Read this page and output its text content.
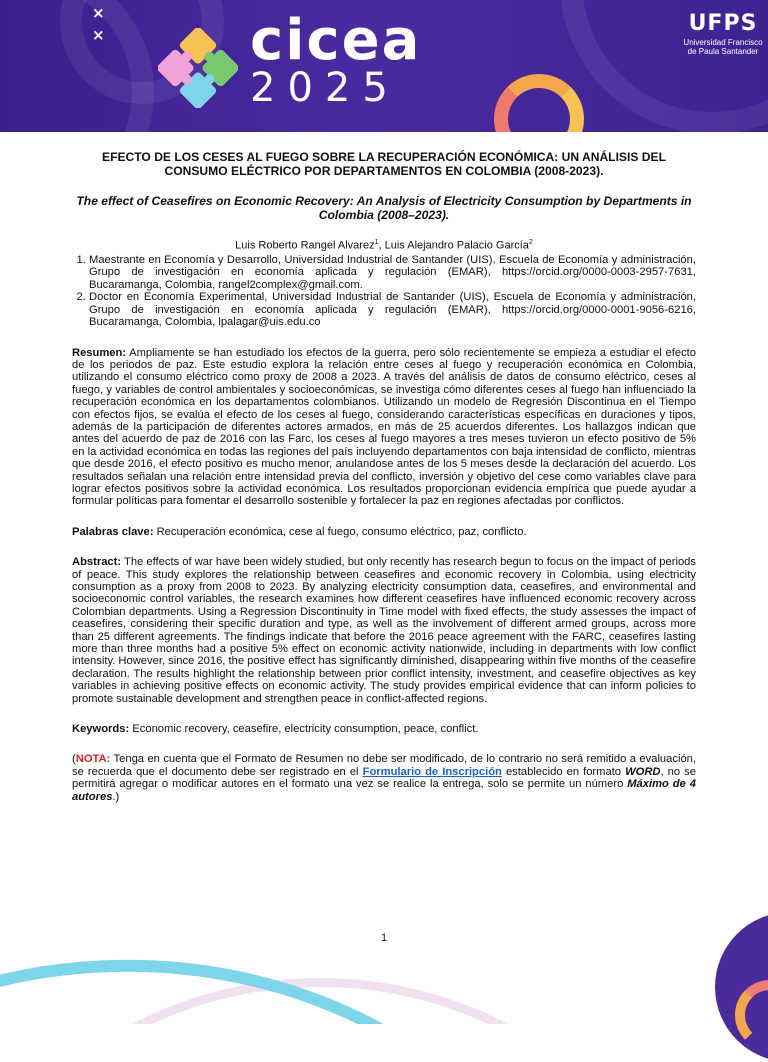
×
×	cicea
2025
UFPS
Universidad Francisco de Paula Santander

EFECTO DE LOS CESES AL FUEGO SOBRE LA RECUPERACIÓN ECONÓMICA: UN ANÁLISIS DEL CONSUMO ELÉCTRICO POR DEPARTAMENTOS EN COLOMBIA (2008-2023).

The effect of Ceasefires on Economic Recovery: An Analysis of Electricity Consumption by Departments in Colombia (2008–2023).

Luis Roberto Rangel Alvarez$^1$, Luis Alejandro Palacio García$^2$

1. Maestrante en Economía y Desarrollo, Universidad Industrial de Santander (UIS), Escuela de Economía y administración, Grupo de investigación en economía aplicada y regulación (EMAR), https://orcid.org/0000-0003-2957-7631, Bucaramanga, Colombia, rangel2complex@gmail.com.
2. Doctor en Economía Experimental, Universidad Industrial de Santander (UIS), Escuela de Economía y administración, Grupo de investigación en economía aplicada y regulación (EMAR), https://orcid.org/0000-0001-9056-6216, Bucaramanga, Colombia, lpalagar@uis.edu.co

Resumen: Ampliamente se han estudiado los efectos de la guerra, pero sólo recientemente se empieza a estudiar el efecto de los periodos de paz. Este estudio explora la relación entre ceses al fuego y recuperación económica en Colombia, utilizando el consumo eléctrico como proxy de 2008 a 2023. A través del análisis de datos de consumo eléctrico, ceses al fuego, y variables de control ambientales y socioeconómicas, se investiga cómo diferentes ceses al fuego han influenciado la recuperación económica en los departamentos colombianos. Utilizando un modelo de Regresión Discontinua en el Tiempo con efectos fijos, se evalúa el efecto de los ceses al fuego, considerando características específicas en duraciones y tipos, además de la participación de diferentes actores armados, en más de 25 acuerdos diferentes. Los hallazgos indican que antes del acuerdo de paz de 2016 con las Farc, los ceses al fuego mayores a tres meses tuvieron un efecto positivo de 5% en la actividad económica en todas las regiones del país incluyendo departamentos con baja intensidad de conflicto, mientras que desde 2016, el efecto positivo es mucho menor, anulandose antes de los 5 meses desde la declaración del acuerdo. Los resultados señalan una relación entre intensidad previa del conflicto, inversión y objetivo del cese como variables clave para lograr efectos positivos sobre la actividad económica. Los resultados proporcionan evidencia empírica que puede ayudar a formular políticas para fomentar el desarrollo sostenible y fortalecer la paz en regiones afectadas por conflictos.

Palabras clave: Recuperación económica, cese al fuego, consumo eléctrico, paz, conflicto.

Abstract: The effects of war have been widely studied, but only recently has research begun to focus on the impact of periods of peace. This study explores the relationship between ceasefires and economic recovery in Colombia, using electricity consumption as a proxy from 2008 to 2023. By analyzing electricity consumption data, ceasefires, and environmental and socioeconomic control variables, the research examines how different ceasefires have influenced economic recovery across Colombian departments. Using a Regression Discontinuity in Time model with fixed effects, the study assesses the impact of ceasefires, considering their specific duration and type, as well as the involvement of different armed groups, across more than 25 different agreements. The findings indicate that before the 2016 peace agreement with the FARC, ceasefires lasting more than three months had a positive 5% effect on economic activity nationwide, including in departments with low conflict intensity. However, since 2016, the positive effect has significantly diminished, disappearing within five months of the ceasefire declaration. The results highlight the relationship between prior conflict intensity, investment, and ceasefire objectives as key variables in achieving positive effects on economic activity. The study provides empirical evidence that can inform policies to promote sustainable development and strengthen peace in conflict-affected regions.

Keywords: Economic recovery, ceasefire, electricity consumption, peace, conflict.

(NOTA: Tenga en cuenta que el Formato de Resumen no debe ser modificado, de lo contrario no será remitido a evaluación, se recuerda que el documento debe ser registrado en el Formulario de Inscripción establecido en formato WORD, no se permitirá agregar o modificar autores en el formato una vez se realice la entrega, solo se permite un número Máximo de 4 autores.)

1
